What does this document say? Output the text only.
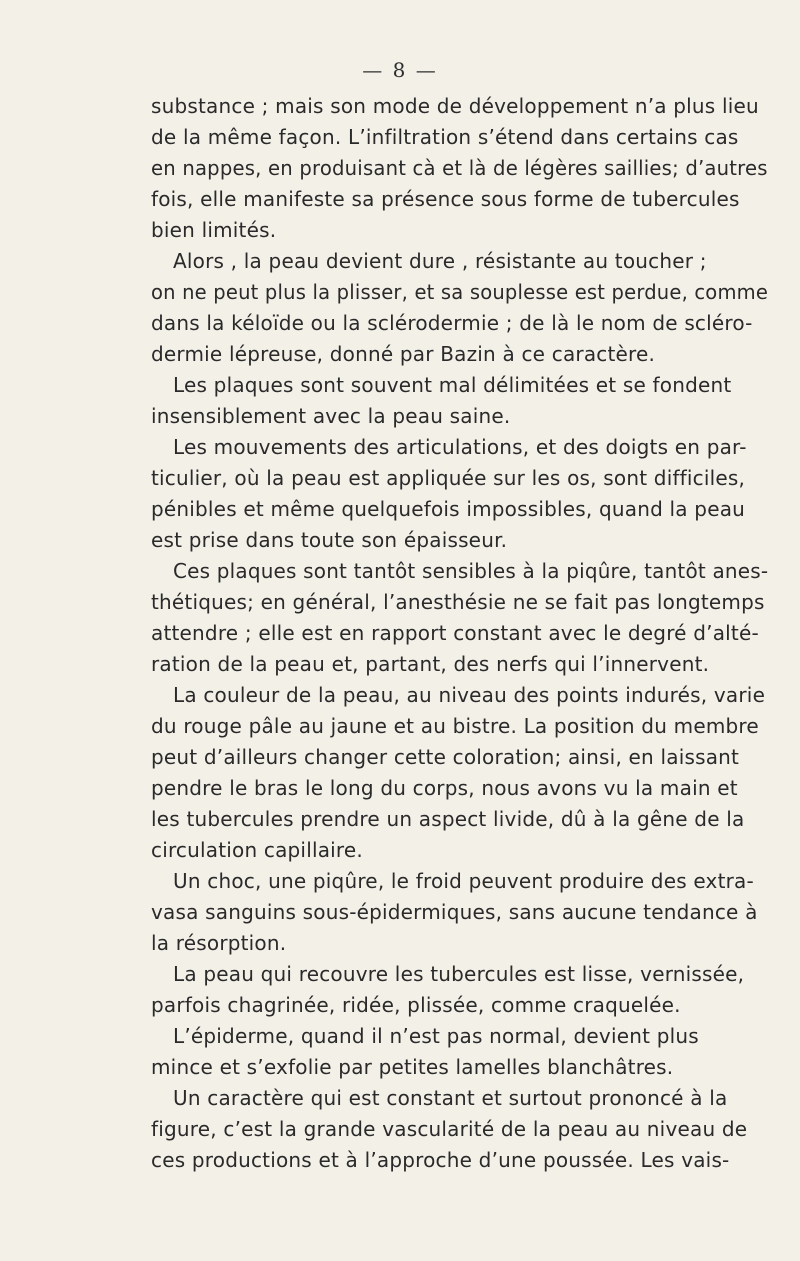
— 8 —
substance ; mais son mode de développement n’a plus lieu
de la même façon. L’infiltration s’étend dans certains cas
en nappes, en produisant cà et là de légères saillies; d’autres
fois, elle manifeste sa présence sous forme de tubercules
bien limités.
Alors , la peau devient dure , résistante au toucher ;
on ne peut plus la plisser, et sa souplesse est perdue, comme
dans la kéloïde ou la sclérodermie ; de là le nom de scléro-
dermie lépreuse, donné par Bazin à ce caractère.
Les plaques sont souvent mal délimitées et se fondent
insensiblement avec la peau saine.
Les mouvements des articulations, et des doigts en par-
ticulier, où la peau est appliquée sur les os, sont difficiles,
pénibles et même quelquefois impossibles, quand la peau
est prise dans toute son épaisseur.
Ces plaques sont tantôt sensibles à la piqûre, tantôt anes-
thétiques; en général, l’anesthésie ne se fait pas longtemps
attendre ; elle est en rapport constant avec le degré d’alté-
ration de la peau et, partant, des nerfs qui l’innervent.
La couleur de la peau, au niveau des points indurés, varie
du rouge pâle au jaune et au bistre. La position du membre
peut d’ailleurs changer cette coloration; ainsi, en laissant
pendre le bras le long du corps, nous avons vu la main et
les tubercules prendre un aspect livide, dû à la gêne de la
circulation capillaire.
Un choc, une piqûre, le froid peuvent produire des extra-
vasa sanguins sous-épidermiques, sans aucune tendance à
la résorption.
La peau qui recouvre les tubercules est lisse, vernissée,
parfois chagrinée, ridée, plissée, comme craquelée.
L’épiderme, quand il n’est pas normal, devient plus
mince et s’exfolie par petites lamelles blanchâtres.
Un caractère qui est constant et surtout prononcé à la
figure, c’est la grande vascularité de la peau au niveau de
ces productions et à l’approche d’une poussée. Les vais-
